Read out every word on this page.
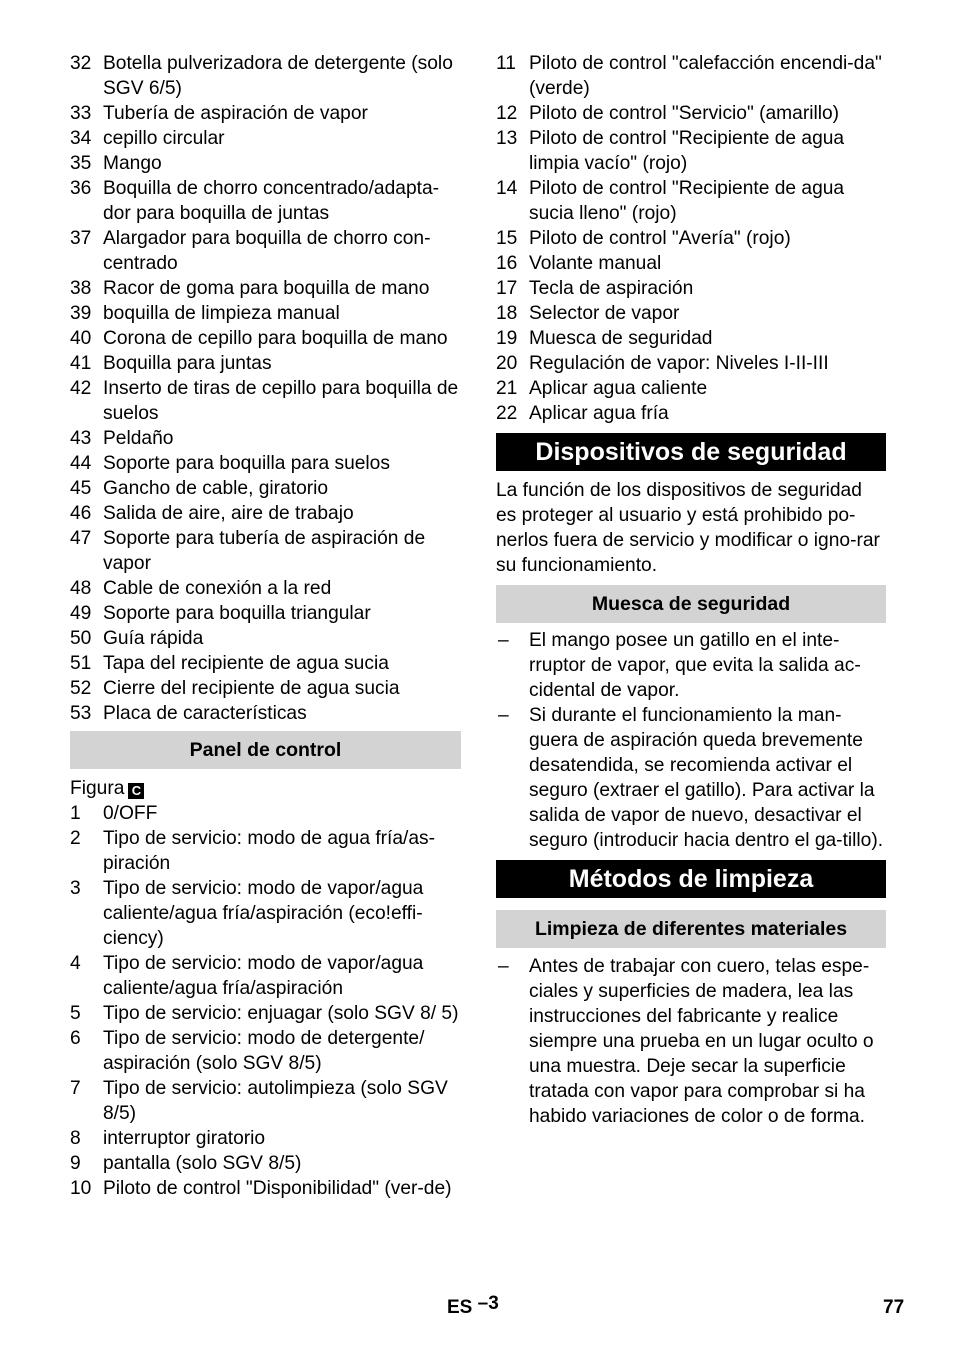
32 Botella pulverizadora de detergente (solo SGV 6/5)
33 Tubería de aspiración de vapor
34 cepillo circular
35 Mango
36 Boquilla de chorro concentrado/adapta-dor para boquilla de juntas
37 Alargador para boquilla de chorro con-centrado
38 Racor de goma para boquilla de mano
39 boquilla de limpieza manual
40 Corona de cepillo para boquilla de mano
41 Boquilla para juntas
42 Inserto de tiras de cepillo para boquilla de suelos
43 Peldaño
44 Soporte para boquilla para suelos
45 Gancho de cable, giratorio
46 Salida de aire, aire de trabajo
47 Soporte para tubería de aspiración de vapor
48 Cable de conexión a la red
49 Soporte para boquilla triangular
50 Guía rápida
51 Tapa del recipiente de agua sucia
52 Cierre del recipiente de agua sucia
53 Placa de características
Panel de control
Figura C
1	0/OFF
2	Tipo de servicio: modo de agua fría/as-piración
3	Tipo de servicio: modo de vapor/agua caliente/agua fría/aspiración (eco!effi-ciency)
4	Tipo de servicio: modo de vapor/agua caliente/agua fría/aspiración
5	Tipo de servicio: enjuagar (solo SGV 8/ 5)
6	Tipo de servicio: modo de detergente/ aspiración (solo SGV 8/5)
7	Tipo de servicio: autolimpieza (solo SGV 8/5)
8	interruptor giratorio
9	pantalla (solo SGV 8/5)
10 Piloto de control "Disponibilidad" (ver-de)
11 Piloto de control "calefacción encendi-da" (verde)
12 Piloto de control "Servicio" (amarillo)
13 Piloto de control "Recipiente de agua limpia vacío" (rojo)
14 Piloto de control "Recipiente de agua sucia lleno" (rojo)
15 Piloto de control "Avería" (rojo)
16 Volante manual
17 Tecla de aspiración
18 Selector de vapor
19 Muesca de seguridad
20 Regulación de vapor: Niveles I-II-III
21 Aplicar agua caliente
22 Aplicar agua fría
Dispositivos de seguridad

La función de los dispositivos de seguridad es proteger al usuario y está prohibido po-nerlos fuera de servicio y modificar o igno-rar su funcionamiento.

Muesca de seguridad
–	El mango posee un gatillo en el inte-rruptor de vapor, que evita la salida ac-cidental de vapor.
–	Si durante el funcionamiento la man-guera de aspiración queda brevemente desatendida, se recomienda activar el seguro (extraer el gatillo). Para activar la salida de vapor de nuevo, desactivar el seguro (introducir hacia dentro el ga-tillo).
Métodos de limpieza
Limpieza de diferentes materiales
–	Antes de trabajar con cuero, telas espe-ciales y superficies de madera, lea las instrucciones del fabricante y realice siempre una prueba en un lugar oculto o una muestra. Deje secar la superficie tratada con vapor para comprobar si ha habido variaciones de color o de forma.
ES –3	77
